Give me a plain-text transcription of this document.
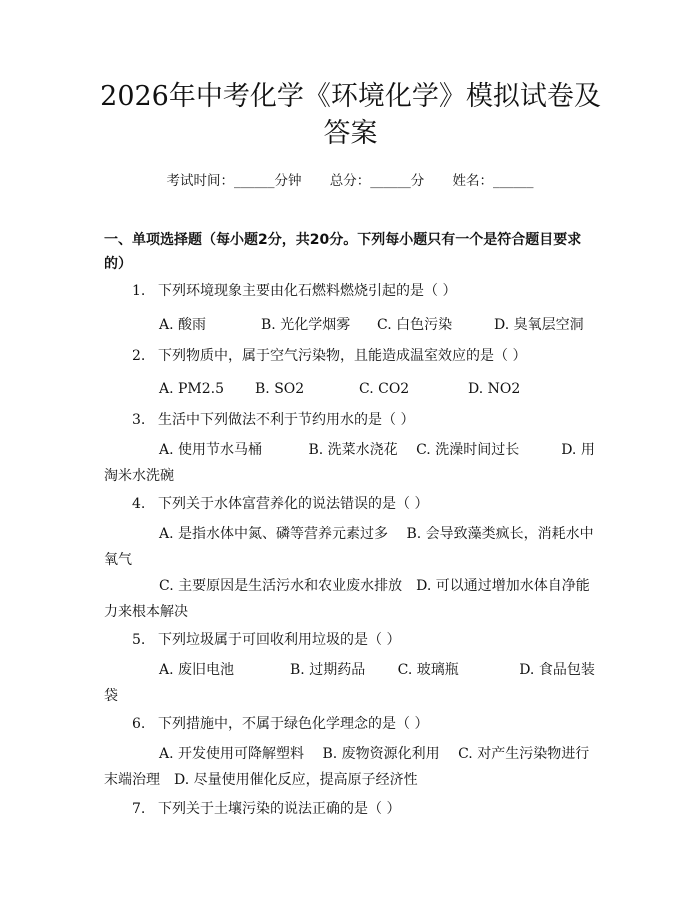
2026年中考化学《环境化学》模拟试卷及答案
考试时间：______分钟 总分：______分 姓名：______
一、单项选择题（每小题2分，共20分。下列每小题只有一个是符合题目要求的）
1. 下列环境现象主要由化石燃料燃烧引起的是（ ）
A. 酸雨	B. 光化学烟雾 C. 白色污染	D. 臭氧层空洞
2. 下列物质中，属于空气污染物，且能造成温室效应的是（ ）
A. PM2.5 B. SO2	C. CO2	D. NO2
3. 生活中下列做法不利于节约用水的是（ ）
A. 使用节水马桶　　　 B. 洗菜水浇花　 C. 洗澡时间过长　　　D. 用淘米水洗碗
4. 下列关于水体富营养化的说法错误的是（ ）
A. 是指水体中氮、磷等营养元素过多　 B. 会导致藻类疯长，消耗水中氧气
C. 主要原因是生活污水和农业废水排放　D. 可以通过增加水体自净能力来根本解决
5. 下列垃圾属于可回收利用垃圾的是（ ）
A. 废旧电池　　　　B. 过期药品　　 C. 玻璃瓶　　　　 D. 食品包装袋
6. 下列措施中，不属于绿色化学理念的是（ ）
A. 开发使用可降解塑料　 B. 废物资源化利用　 C. 对产生污染物进行末端治理　D. 尽量使用催化反应，提高原子经济性
7. 下列关于土壤污染的说法正确的是（ ）
